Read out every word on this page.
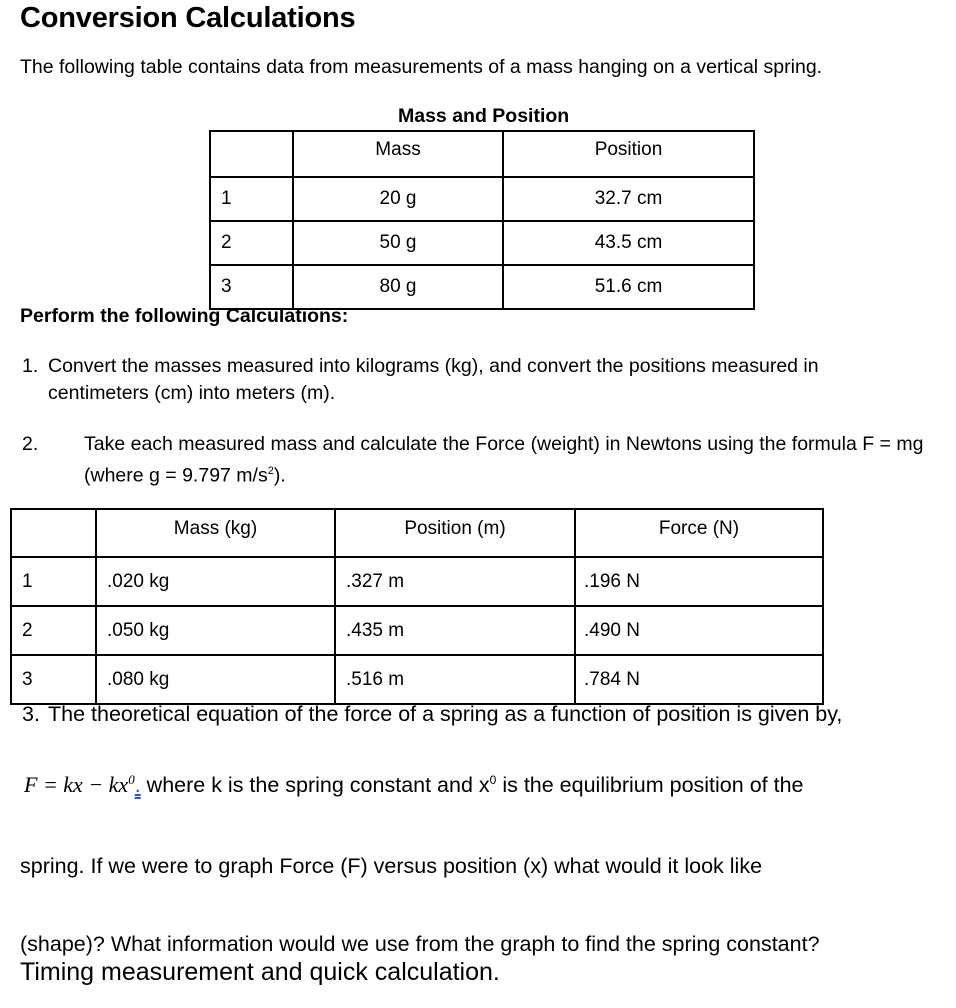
Conversion Calculations
The following table contains data from measurements of a mass hanging on a vertical spring.
Mass and Position
	Mass	Position
1	20 g	32.7 cm
2	50 g	43.5 cm
3	80 g	51.6 cm
Perform the following Calculations:
1. Convert the masses measured into kilograms (kg), and convert the positions measured in centimeters (cm) into meters (m).
2. Take each measured mass and calculate the Force (weight) in Newtons using the formula F = mg (where g = 9.797 $m/s^2$).
	Mass (kg)	Position (m)	Force (N)
1	.020 kg	.327 m	.196 N
2	.050 kg	.435 m	.490 N
3	.080 kg	.516 m	.784 N
3. The theoretical equation of the force of a spring as a function of position is given by,
F = kx − $kx^0$. where k is the spring constant and $x^0$ is the equilibrium position of the
spring. If we were to graph Force (F) versus position (x) what would it look like
(shape)? What information would we use from the graph to find the spring constant?
Timing measurement and quick calculation.
